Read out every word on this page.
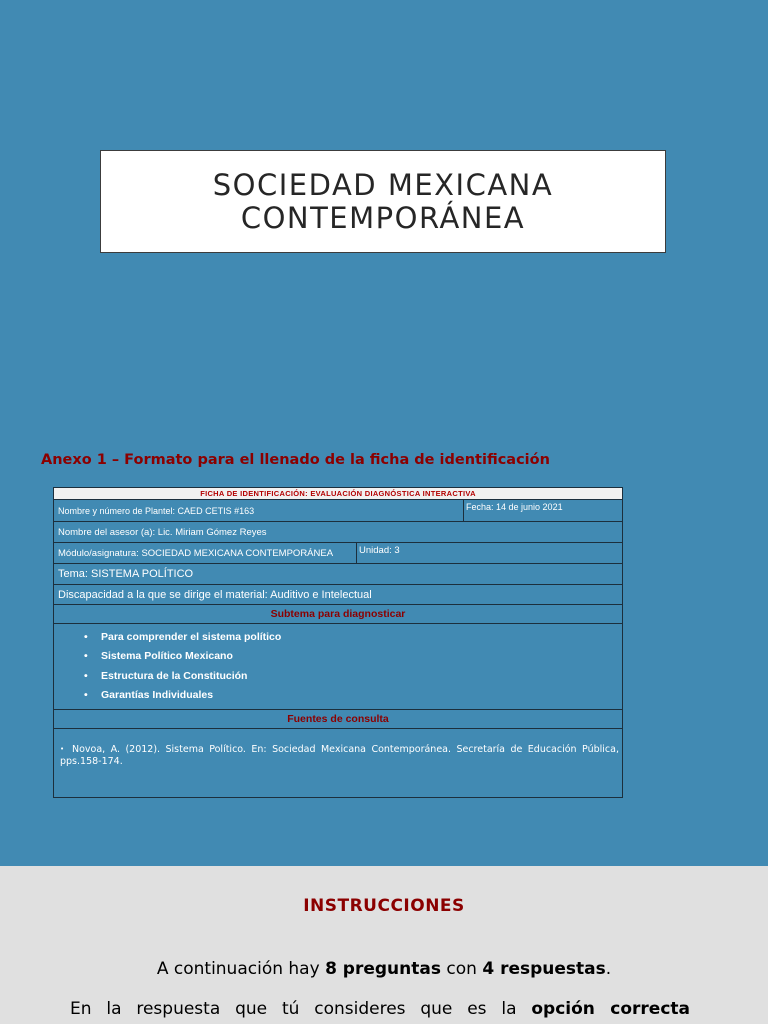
SOCIEDAD MEXICANA
CONTEMPORÁNEA
Anexo 1 – Formato para el llenado de la ficha de identificación
FICHA DE IDENTIFICACIÓN: EVALUACIÓN DIAGNÓSTICA INTERACTIVA
Nombre y número de Plantel: CAED CETIS #163	Fecha: 14 de junio 2021
Nombre del asesor (a): Lic. Miriam Gómez Reyes
Módulo/asignatura: SOCIEDAD MEXICANA CONTEMPORÁNEA	Unidad: 3
Tema: SISTEMA POLÍTICO
Discapacidad a la que se dirige el material: Auditivo e Intelectual
Subtema para diagnosticar
• Para comprender el sistema político
• Sistema Político Mexicano
• Estructura de la Constitución
• Garantías Individuales
Fuentes de consulta
• Novoa, A. (2012). Sistema Político. En: Sociedad Mexicana Contemporánea. Secretaría de Educación Pública, pps.158-174.
INSTRUCCIONES
A continuación hay 8 preguntas con 4 respuestas.
En la respuesta que tú consideres que es la opción correcta
